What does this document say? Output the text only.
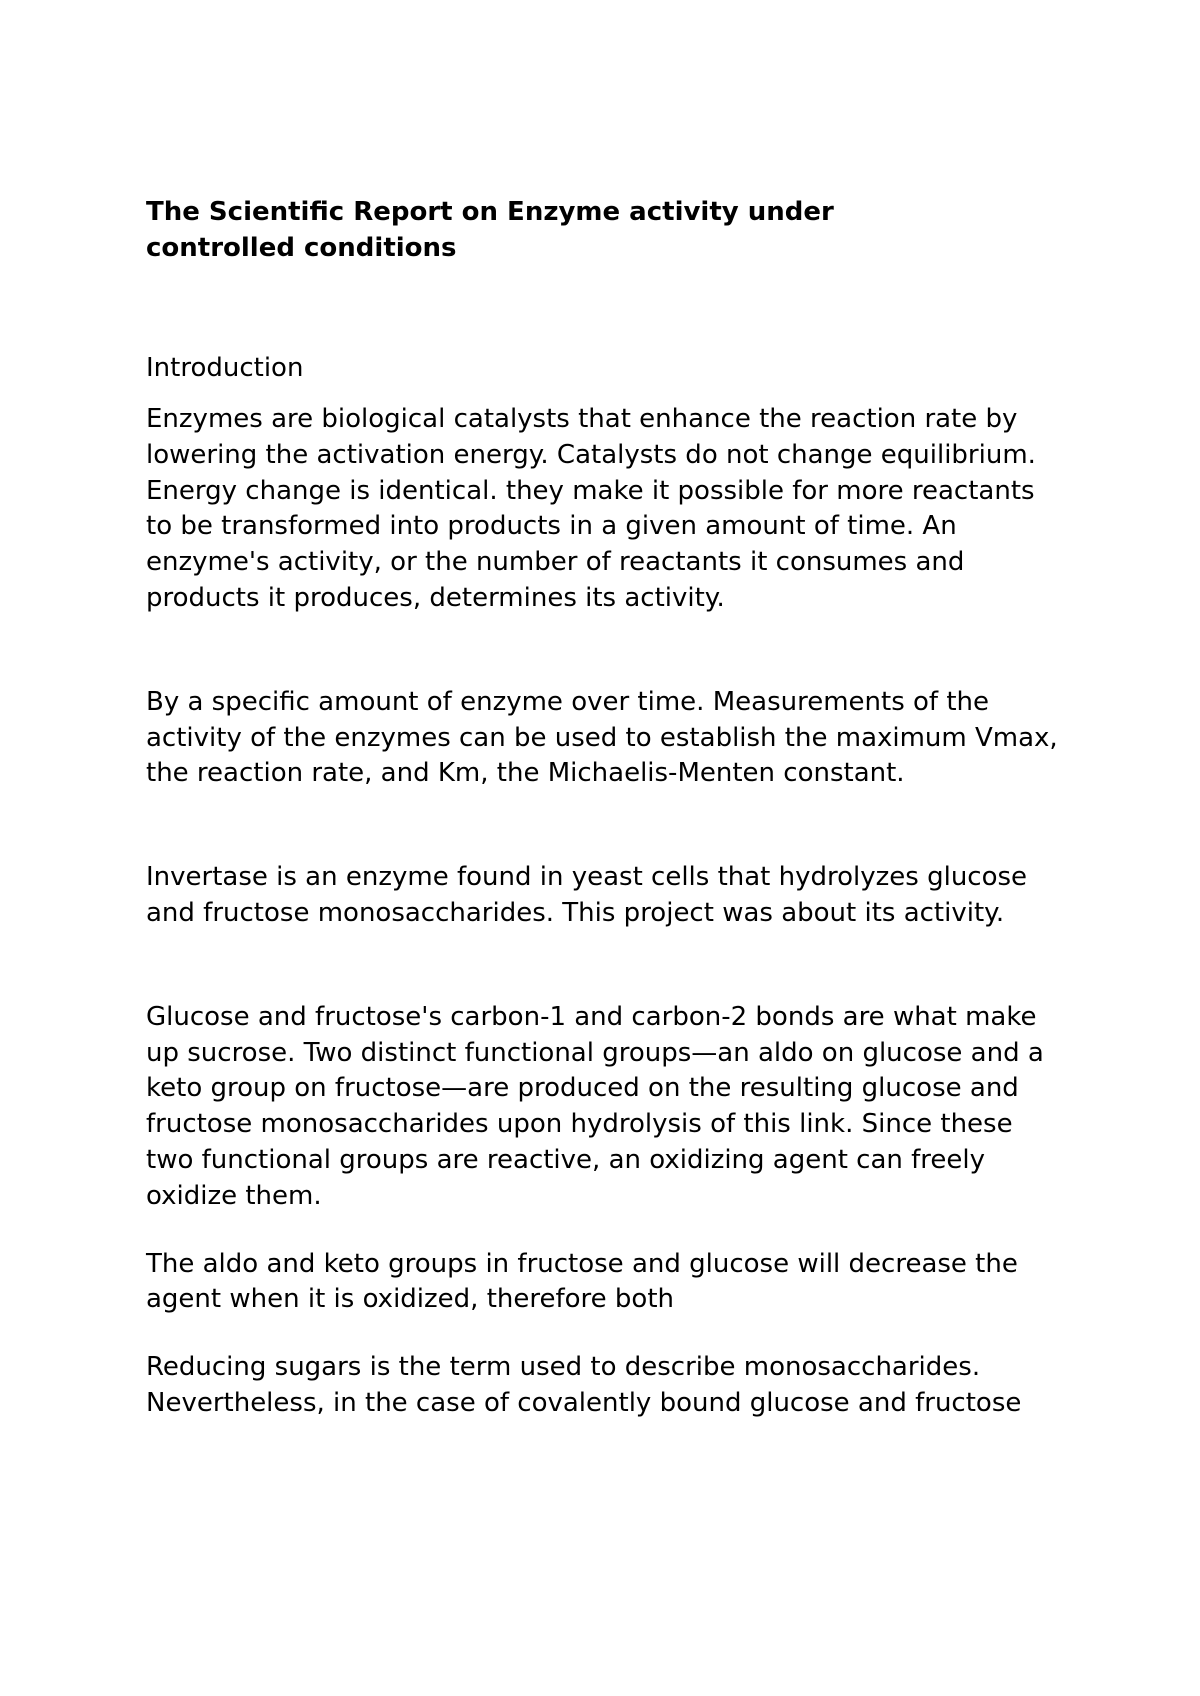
The Scientific Report on Enzyme activity under controlled conditions

Introduction

Enzymes are biological catalysts that enhance the reaction rate by lowering the activation energy. Catalysts do not change equilibrium. Energy change is identical. they make it possible for more reactants to be transformed into products in a given amount of time. An enzyme's activity, or the number of reactants it consumes and products it produces, determines its activity.

By a specific amount of enzyme over time. Measurements of the activity of the enzymes can be used to establish the maximum Vmax, the reaction rate, and Km, the Michaelis-Menten constant.

Invertase is an enzyme found in yeast cells that hydrolyzes glucose and fructose monosaccharides. This project was about its activity.

Glucose and fructose's carbon-1 and carbon-2 bonds are what make up sucrose. Two distinct functional groups—an aldo on glucose and a keto group on fructose—are produced on the resulting glucose and fructose monosaccharides upon hydrolysis of this link. Since these two functional groups are reactive, an oxidizing agent can freely oxidize them.

The aldo and keto groups in fructose and glucose will decrease the agent when it is oxidized, therefore both

Reducing sugars is the term used to describe monosaccharides. Nevertheless, in the case of covalently bound glucose and fructose
